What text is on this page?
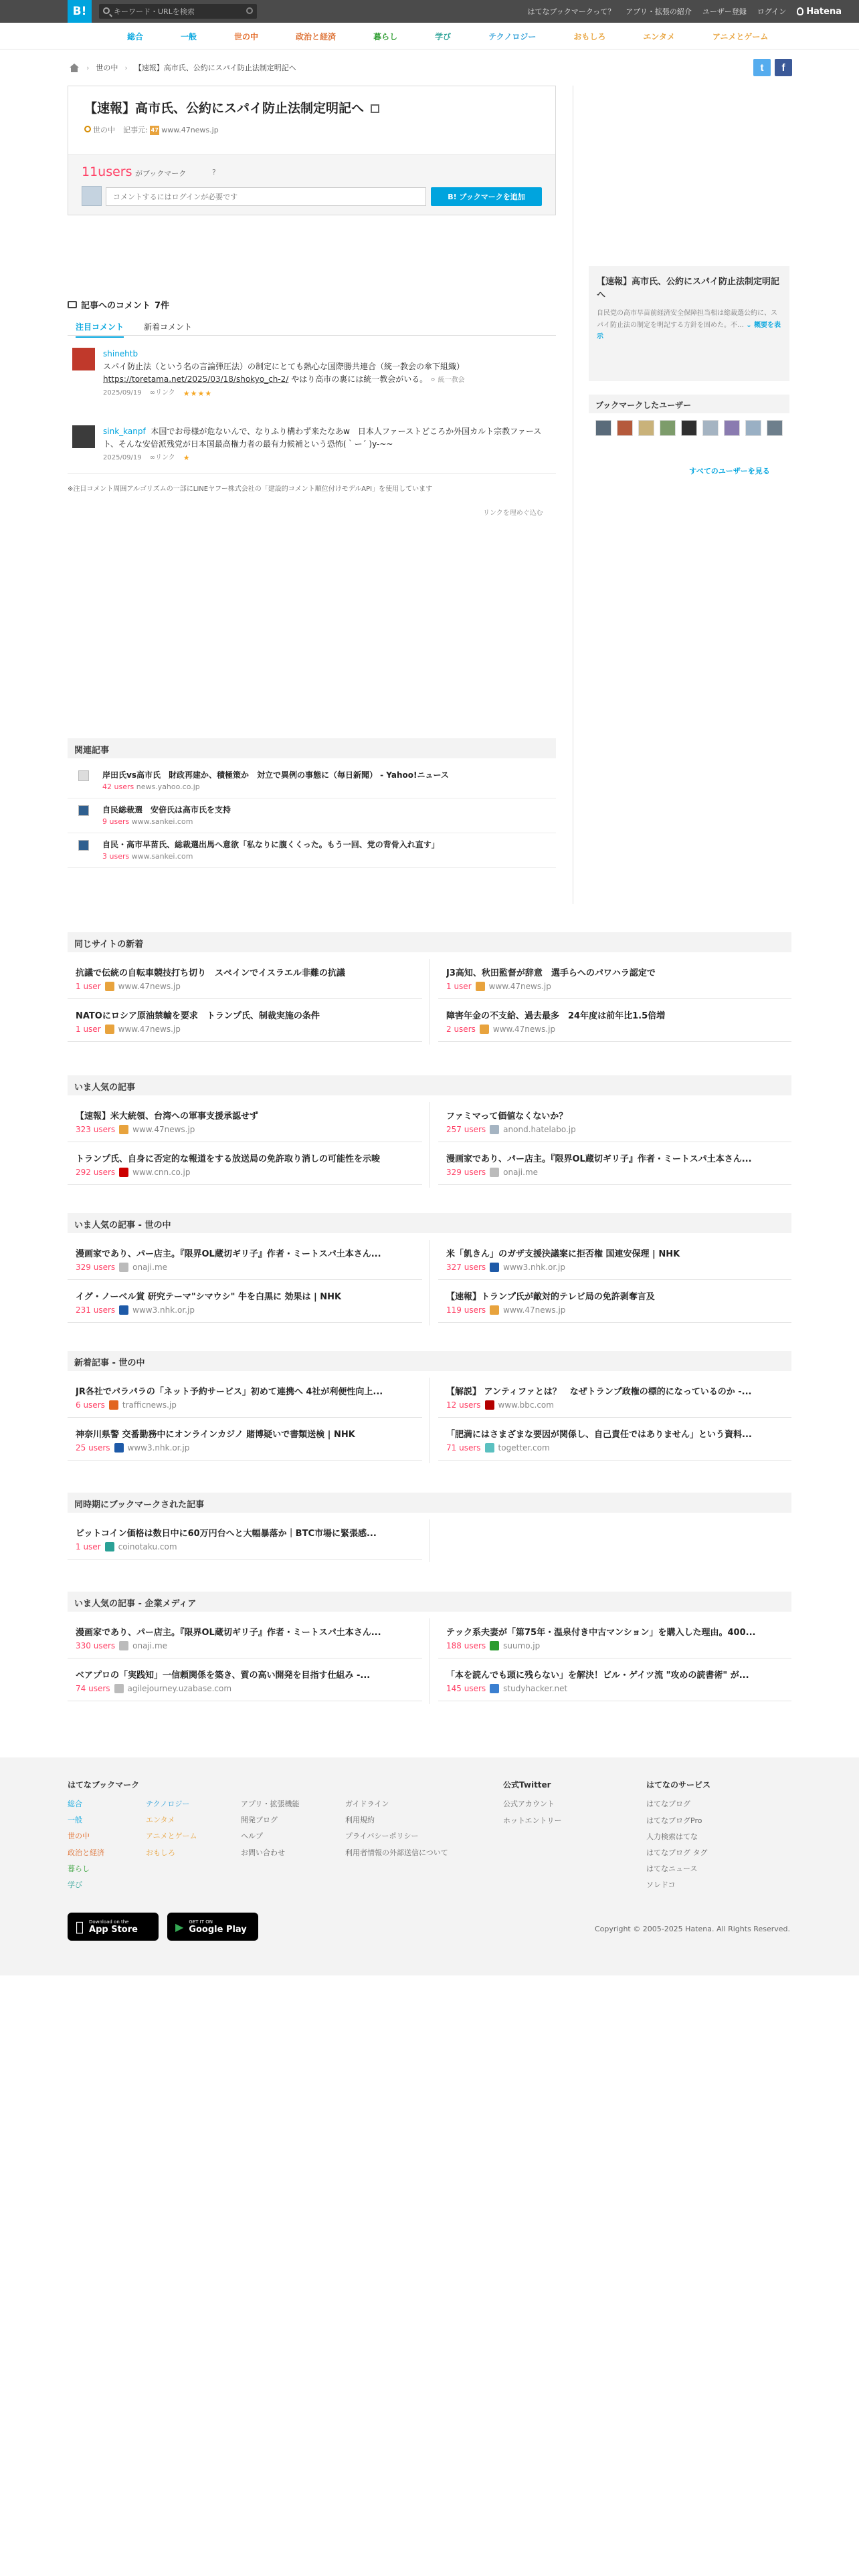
B!
キーワード・URLを検索	はてなブックマークって？ アプリ・拡張の紹介 ユーザー登録 ログイン Hatena
総合	一般	世の中	政治と経済	暮らし	学び	テクノロジー	おもしろ	エンタメ	アニメとゲーム
› 世の中 › 【速報】高市氏、公約にスパイ防止法制定明記へ	t	f
【速報】高市氏、公約にスパイ防止法制定明記へ
世の中 記事元: 47 www.47news.jp
11users がブックマーク	?
コメントするにはログインが必要です
B! ブックマークを追加
【速報】高市氏、公約にスパイ防止法制定明記へ
自民党の高市早苗前経済安全保障担当相は総裁選公約に、スパイ防止法の制定を明記する方針を固めた。不… ⌄ 概要を表示
ブックマークしたユーザー
すべてのユーザーを見る
記事へのコメント 7件
注目コメント 新着コメント
shinehtb
スパイ防止法（という名の言論弾圧法）の制定にとても熱心な国際勝共連合（統一教会の傘下組織）
https://toretama.net/2025/03/18/shokyo_ch-2/ やはり高市の裏には統一教会がいる。 ⚪ 統一教会
2025/09/19 ∞リンク ★★★★
sink_kanpf 本国でお母様が危ないんで、なりふり構わず来たなあw　日本人ファーストどころか外国カルト宗教ファースト、そんな安倍派残党が日本国最高権力者の最有力候補という恐怖(｀ー´ )y-~~
2025/09/19 ∞リンク ★
※注目コメント周囲アルゴリズムの一部にLINEヤフー株式会社の「建設的コメント順位付けモデルAPI」を使用しています
リンクを理めぐ込む
関連記事
岸田氏vs高市氏　財政再建か、積極策か　対立で異例の事態に（毎日新聞） - Yahoo!ニュース
42 users news.yahoo.co.jp
自民総裁選　安倍氏は高市氏を支持
9 users www.sankei.com
自民・高市早苗氏、総裁選出馬へ意欲「私なりに腹くくった。もう一回、党の背骨入れ直す」
3 users www.sankei.com
同じサイトの新着
抗議で伝統の自転車競技打ち切り　スペインでイスラエル非難の抗議
1 user www.47news.jp
J3高知、秋田監督が辞意　選手らへのパワハラ認定で
1 user www.47news.jp
NATOにロシア原油禁輸を要求　トランプ氏、制裁実施の条件
1 user www.47news.jp
障害年金の不支給、過去最多　24年度は前年比1.5倍増
2 users www.47news.jp
いま人気の記事
【速報】米大統領、台湾への軍事支援承認せず
323 users www.47news.jp
ファミマって価値なくないか？
257 users anond.hatelabo.jp
トランプ氏、自身に否定的な報道をする放送局の免許取り消しの可能性を示唆
292 users www.cnn.co.jp
漫画家であり、パー店主。『限界OL蔵切ギリ子』作者・ミートスパ土本さん...
329 users onaji.me
いま人気の記事 - 世の中
漫画家であり、パー店主。『限界OL蔵切ギリ子』作者・ミートスパ土本さん...
329 users onaji.me
米「飢きん」のガザ支援決議案に拒否権 国連安保理 | NHK
327 users www3.nhk.or.jp
イグ・ノーベル賞 研究テーマ"シマウシ" 牛を白黒に 効果は | NHK
231 users www3.nhk.or.jp
【速報】トランプ氏が敵対的テレビ局の免許剥奪言及
119 users www.47news.jp
新着記事 - 世の中
JR各社でパラパラの「ネット予約サービス」初めて連携へ 4社が利便性向上...
6 users trafficnews.jp
【解説】 アンティファとは？　なぜトランプ政権の標的になっているのか -...
12 users www.bbc.com
神奈川県警 交番勤務中にオンラインカジノ 賭博疑いで書類送検 | NHK
25 users www3.nhk.or.jp
「肥満にはさまざまな要因が関係し、自己責任ではありません」という資料...
71 users togetter.com
同時期にブックマークされた記事
ビットコイン価格は数日中に60万円台へと大幅暴落か｜BTC市場に緊張感...
1 user coinotaku.com
いま人気の記事 - 企業メディア
漫画家であり、パー店主。『限界OL蔵切ギリ子』作者・ミートスパ土本さん...
330 users onaji.me
テック系夫妻が「第75年・温泉付き中古マンション」を購入した理由。400...
188 users suumo.jp
ベアプロの「実践知」一信頼関係を築き、質の高い開発を目指す仕組み -...
74 users agilejourney.uzabase.com
「本を読んでも頭に残らない」を解決！ビル・ゲイツ流 "攻めの読書術" が...
145 users studyhacker.net
はてなブックマーク
総合
一般
世の中
政治と経済
暮らし
学び
テクノロジー
エンタメ
アニメとゲーム
おもしろ
アプリ・拡張機能
開発ブログ
ヘルプ
お問い合わせ
ガイドライン
利用規約
プライバシーポリシー
利用者情報の外部送信について
公式Twitter
公式アカウント
ホットエントリー
はてなのサービス
はてなブログ
はてなブログPro
人力検索はてな
はてなブログ タグ
はてなニュース
ソレドコ
Download on the
App Store	▶ GET IT ON
Google Play	Copyright © 2005-2025 Hatena. All Rights Reserved.
